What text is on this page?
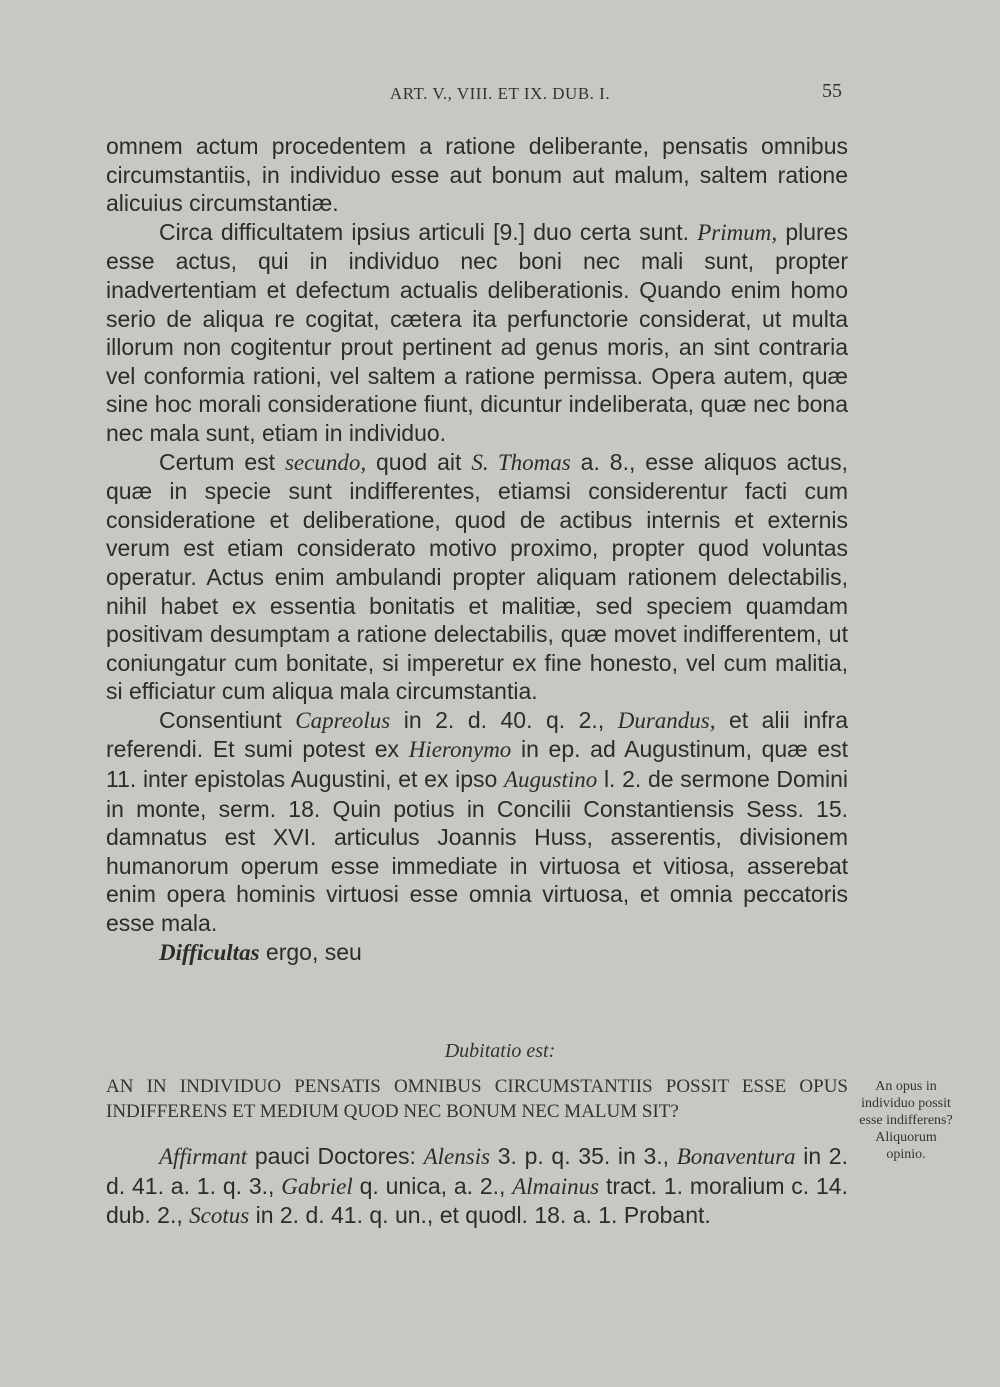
ART. V., VIII. ET IX. DUB. I.	55

omnem actum procedentem a ratione deliberante, pensatis omnibus circumstantiis, in individuo esse aut bonum aut malum, saltem ratione alicuius circumstantiæ.

Circa difficultatem ipsius articuli [9.] duo certa sunt. Primum, plures esse actus, qui in individuo nec boni nec mali sunt, propter inadvertentiam et defectum actualis deliberationis. Quando enim homo serio de aliqua re cogitat, cætera ita perfunctorie considerat, ut multa illorum non cogitentur prout pertinent ad genus moris, an sint contraria vel conformia rationi, vel saltem a ratione permissa. Opera autem, quæ sine hoc morali consideratione fiunt, dicuntur indeliberata, quæ nec bona nec mala sunt, etiam in individuo.

Certum est secundo, quod ait S. Thomas a. 8., esse aliquos actus, quæ in specie sunt indifferentes, etiamsi considerentur facti cum consideratione et deliberatione, quod de actibus internis et externis verum est etiam considerato motivo proximo, propter quod voluntas operatur. Actus enim ambulandi propter aliquam rationem delectabilis, nihil habet ex essentia bonitatis et malitiæ, sed speciem quamdam positivam desumptam a ratione delectabilis, quæ movet indifferentem, ut coniungatur cum bonitate, si imperetur ex fine honesto, vel cum malitia, si efficiatur cum aliqua mala circumstantia.

Consentiunt Capreolus in 2. d. 40. q. 2., Durandus, et alii infra referendi. Et sumi potest ex Hieronymo in ep. ad Augustinum, quæ est 11. inter epistolas Augustini, et ex ipso Augustino l. 2. de sermone Domini in monte, serm. 18. Quin potius in Concilii Constantiensis Sess. 15. damnatus est XVI. articulus Joannis Huss, asserentis, divisionem humanorum operum esse immediate in virtuosa et vitiosa, asserebat enim opera hominis virtuosi esse omnia virtuosa, et omnia peccatoris esse mala.

Difficultas ergo, seu

Dubitatio est:
AN IN INDIVIDUO PENSATIS OMNIBUS CIRCUMSTANTIIS POSSIT ESSE OPUS INDIFFERENS ET MEDIUM QUOD NEC BONUM NEC MALUM SIT?

Affirmant pauci Doctores: Alensis 3. p. q. 35. in 3., Bonaventura in 2. d. 41. a. 1. q. 3., Gabriel q. unica, a. 2., Almainus tract. 1. moralium c. 14. dub. 2., Scotus in 2. d. 41. q. un., et quodl. 18. a. 1. Probant.

An opus in individuo possit esse indifferens? Aliquorum opinio.
